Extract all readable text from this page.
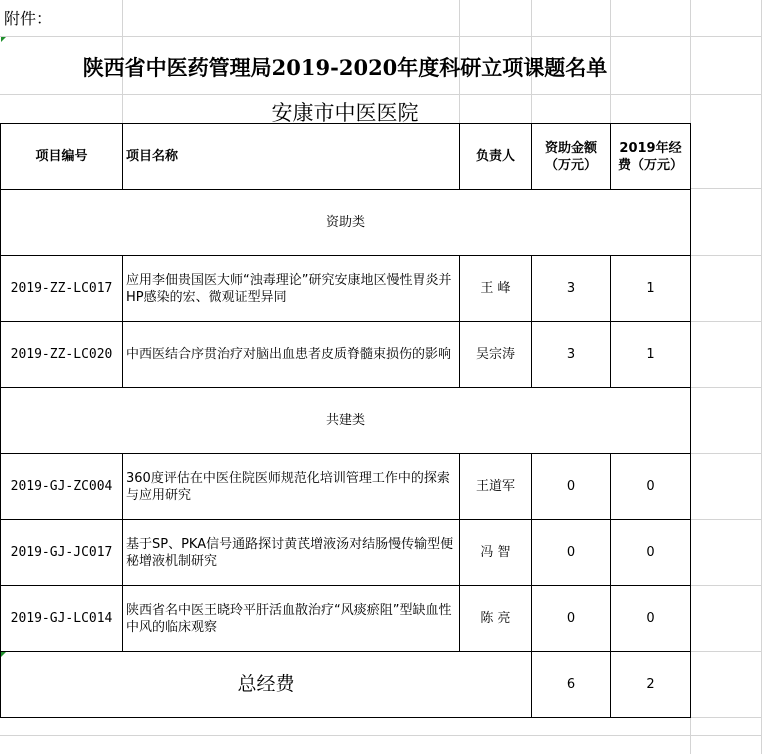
附件：
陕西省中医药管理局2019-2020年度科研立项课题名单
安康市中医医院
项目编号	项目名称	负责人	资助金额（万元）	2019年经费（万元）
资助类				
2019-ZZ-LC017	应用李佃贵国医大师“浊毒理论”研究安康地区慢性胃炎并HP感染的宏、微观证型异同	王 峰	3	1
2019-ZZ-LC020	中西医结合序贯治疗对脑出血患者皮质脊髓束损伤的影响	吴宗涛	3	1
共建类				
2019-GJ-ZC004	360度评估在中医住院医师规范化培训管理工作中的探索与应用研究	王道军	0	0
2019-GJ-JC017	基于SP、PKA信号通路探讨黄芪增液汤对结肠慢传输型便秘增液机制研究	冯 智	0	0
2019-GJ-LC014	陕西省名中医王晓玲平肝活血散治疗“风痰瘀阻”型缺血性中风的临床观察	陈 亮	0	0
总经费			6	2
